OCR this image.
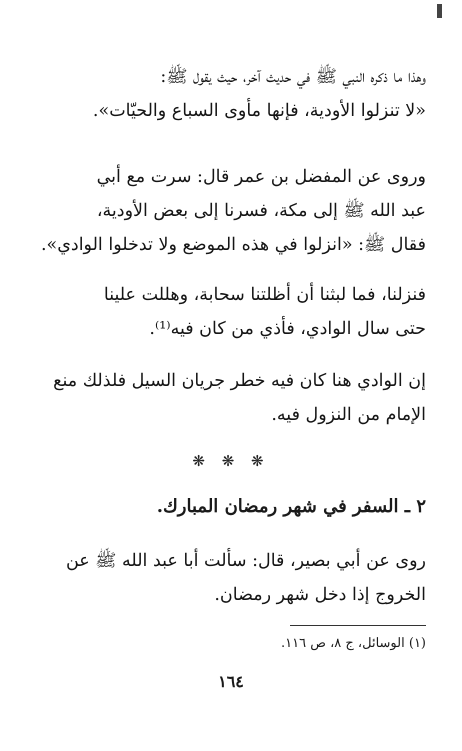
وهذا ما ذكره النبي ﷺ في حديث آخر، حيث يقول ﷺ:
«لا تنزلوا الأودية، فإنها مأوى السباع والحيّات».
وروى عن المفضل بن عمر قال: سرت مع أبي
عبد الله ﷺ إلى مكة، فسرنا إلى بعض الأودية،
فقال ﷺ: «انزلوا في هذه الموضع ولا تدخلوا الوادي».
فنزلنا، فما لبثنا أن أظلتنا سحابة، وهللت علينا
حتى سال الوادي، فأذي من كان فيه⁽¹⁾.
إن الوادي هنا كان فيه خطر جريان السيل فلذلك منع
الإمام من النزول فيه.
❋ ❋ ❋
٢ ـ السفر في شهر رمضان المبارك.
روى عن أبي بصير، قال: سألت أبا عبد الله ﷺ عن
الخروج إذا دخل شهر رمضان.
(١) الوسائل، ج ٨، ص ١١٦.
١٦٤
